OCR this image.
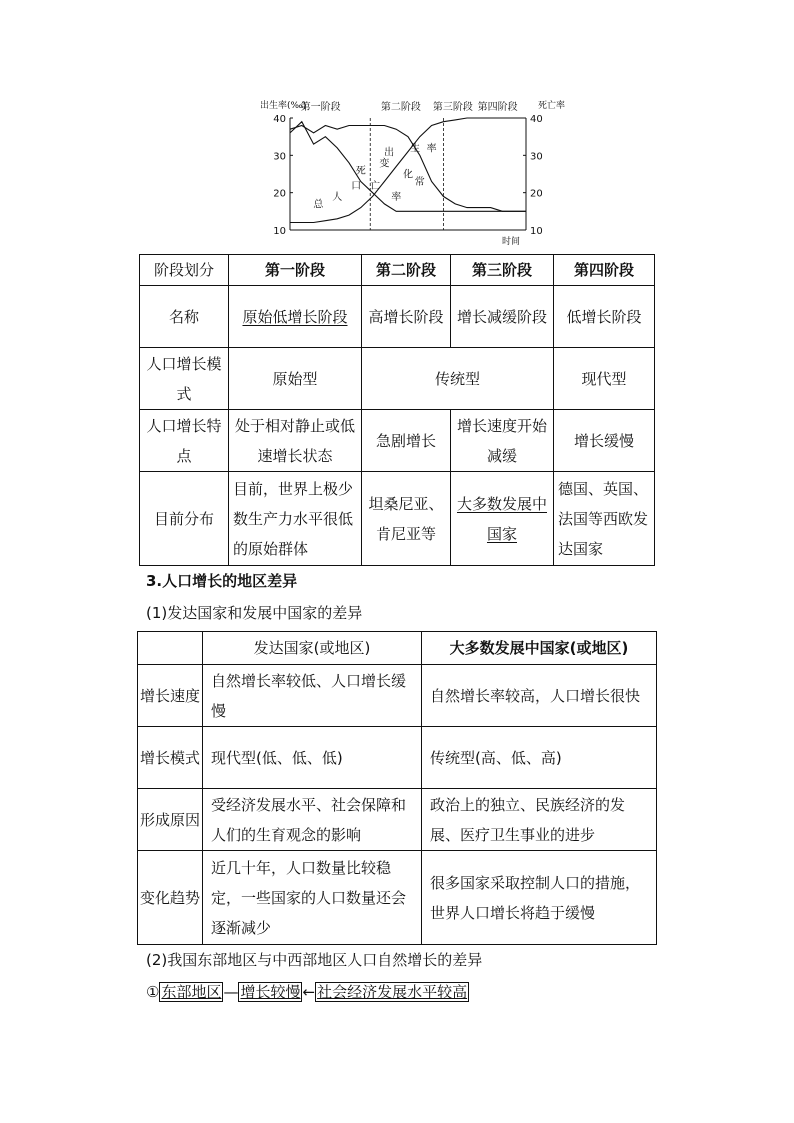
10	10
20	20
30	30
40	40
第一阶段	第二阶段 第三阶段 第四阶段
出生率(‰)	死亡率
时间
出 生 率
死
亡
率
总
人
口
变
化
常
阶段划分	第一阶段	第二阶段	第三阶段	第四阶段
名称	原始低增长阶段	高增长阶段	增长减缓阶段	低增长阶段
人口增长模式	原始型	传统型		现代型
人口增长特点	处于相对静止或低速增长状态	急剧增长	增长速度开始减缓	增长缓慢
目前分布	目前，世界上极少数生产力水平很低的原始群体	坦桑尼亚、肯尼亚等	大多数发展中国家	德国、英国、法国等西欧发达国家
3.人口增长的地区差异
(1)发达国家和发展中国家的差异
	发达国家(或地区)	大多数发展中国家(或地区)
增长速度	自然增长率较低、人口增长缓慢	自然增长率较高，人口增长很快
增长模式	现代型(低、低、低)	传统型(高、低、高)
形成原因	受经济发展水平、社会保障和人们的生育观念的影响	政治上的独立、民族经济的发展、医疗卫生事业的进步
变化趋势	近几十年，人口数量比较稳定，一些国家的人口数量还会逐渐减少	很多国家采取控制人口的措施，世界人口增长将趋于缓慢
(2)我国东部地区与中西部地区人口自然增长的差异
① 东部地区 — 增长较慢 ← 社会经济发展水平较高
